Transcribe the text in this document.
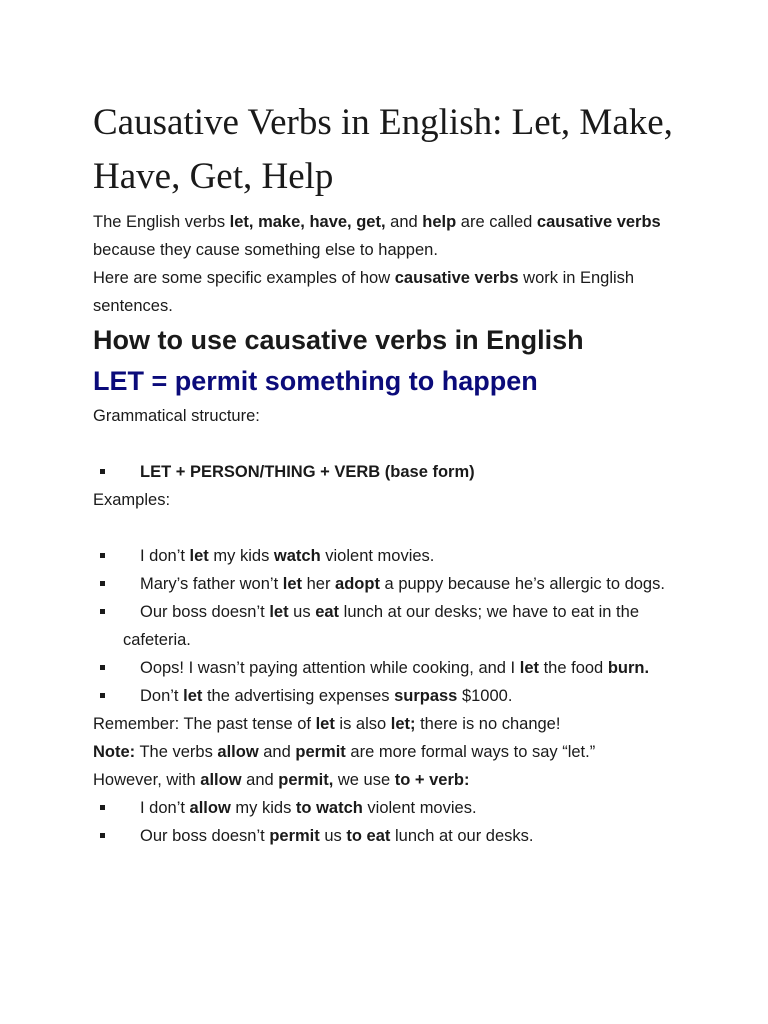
Causative Verbs in English: Let, Make, Have, Get, Help

The English verbs let, make, have, get, and help are called causative verbs because they cause something else to happen.

Here are some specific examples of how causative verbs work in English sentences.

How to use causative verbs in English
LET = permit something to happen

Grammatical structure:

LET + PERSON/THING + VERB (base form)

Examples:

I don’t let my kids watch violent movies.
Mary’s father won’t let her adopt a puppy because he’s allergic to dogs.
Our boss doesn’t let us eat lunch at our desks; we have to eat in the cafeteria.
Oops! I wasn’t paying attention while cooking, and I let the food burn.
Don’t let the advertising expenses surpass $1000.

Remember: The past tense of let is also let; there is no change!

Note: The verbs allow and permit are more formal ways to say “let.”

However, with allow and permit, we use to + verb:

I don’t allow my kids to watch violent movies.
Our boss doesn’t permit us to eat lunch at our desks.
